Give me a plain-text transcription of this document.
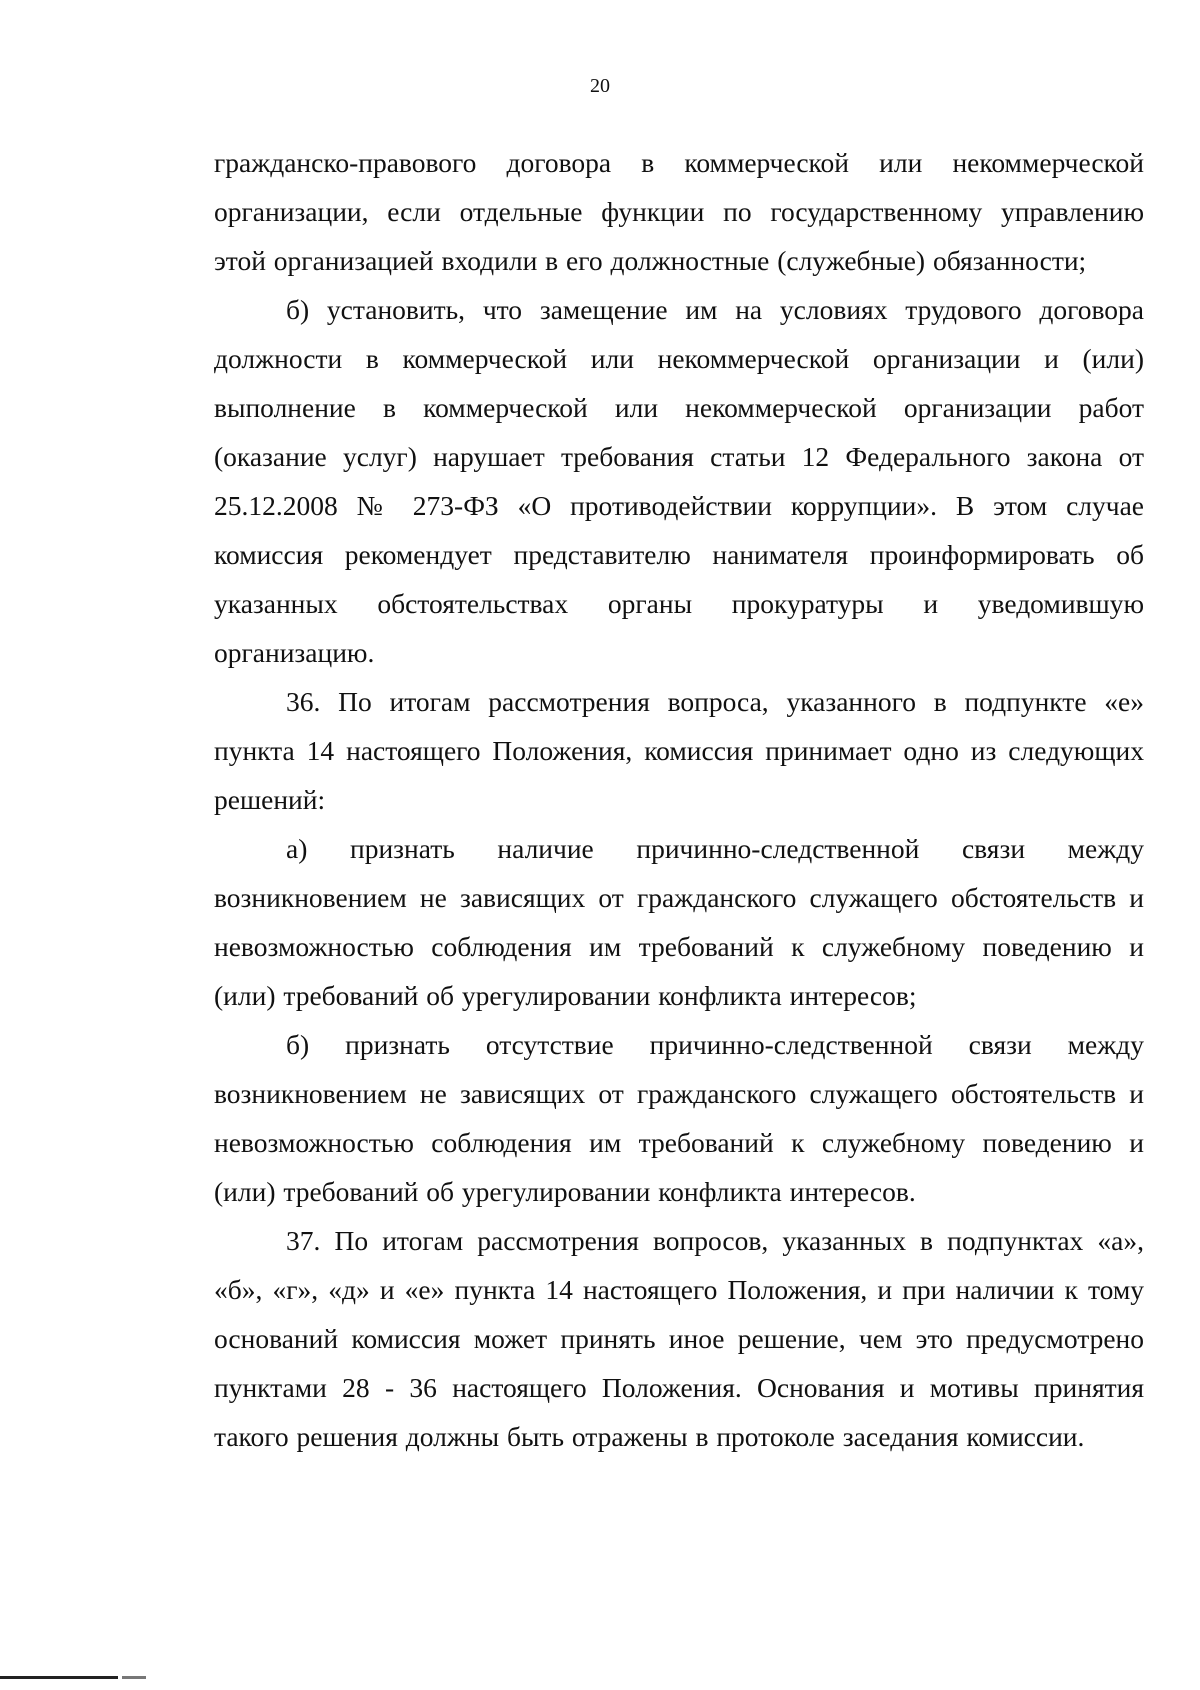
20

гражданско-правового договора в коммерческой или некоммерческой
организации, если отдельные функции по государственному управлению
этой организацией входили в его должностные (служебные) обязанности;

б) установить, что замещение им на условиях трудового договора
должности в коммерческой или некоммерческой организации и (или)
выполнение в коммерческой или некоммерческой организации работ
(оказание услуг) нарушает требования статьи 12 Федерального закона от
25.12.2008 № 273-ФЗ «О противодействии коррупции». В этом случае
комиссия рекомендует представителю нанимателя проинформировать об
указанных обстоятельствах органы прокуратуры и уведомившую
организацию.

36. По итогам рассмотрения вопроса, указанного в подпункте «е»
пункта 14 настоящего Положения, комиссия принимает одно из следующих
решений:

а) признать наличие причинно-следственной связи между
возникновением не зависящих от гражданского служащего обстоятельств и
невозможностью соблюдения им требований к служебному поведению и
(или) требований об урегулировании конфликта интересов;

б) признать отсутствие причинно-следственной связи между
возникновением не зависящих от гражданского служащего обстоятельств и
невозможностью соблюдения им требований к служебному поведению и
(или) требований об урегулировании конфликта интересов.

37. По итогам рассмотрения вопросов, указанных в подпунктах «а»,
«б», «г», «д» и «е» пункта 14 настоящего Положения, и при наличии к тому
оснований комиссия может принять иное решение, чем это предусмотрено
пунктами 28 - 36 настоящего Положения. Основания и мотивы принятия
такого решения должны быть отражены в протоколе заседания комиссии.
